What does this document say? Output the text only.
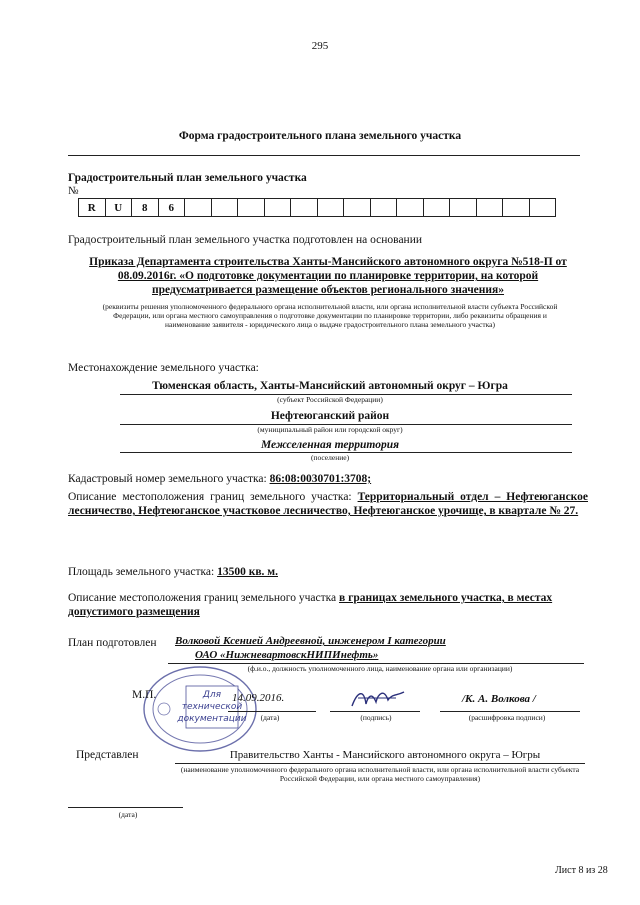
295
Форма градостроительного плана земельного участка
Градостроительный план земельного участка
№
R	U	8	6														
Градостроительный план земельного участка подготовлен на основании
Приказа Департамента строительства Ханты-Мансийского автономного округа №518-П от 08.09.2016г. «О подготовке документации по планировке территории, на которой предусматривается размещение объектов регионального значения»
(реквизиты решения уполномоченного федерального органа исполнительной власти, или органа исполнительной власти субъекта Российской Федерации, или органа местного самоуправления о подготовке документации по планировке территории, либо реквизиты обращения и наименование заявителя - юридического лица о выдаче градостроительного плана земельного участка)
Местонахождение земельного участка:
Тюменская область, Ханты-Мансийский автономный округ – Югра
(субъект Российской Федерации)
Нефтеюганский район
(муниципальный район или городской округ)
Межселенная территория
(поселение)
Кадастровый номер земельного участка: 86:08:0030701:3708;
Описание местоположения границ земельного участка: Территориальный отдел – Нефтеюганское лесничество, Нефтеюганское участковое лесничество, Нефтеюганское урочище, в квартале № 27.
Площадь земельного участка: 13500 кв. м.
Описание местоположения границ земельного участка в границах земельного участка, в местах допустимого размещения
План подготовлен Волковой Ксенией Андреевной, инженером I категории
ОАО «НижневартовскНИПИнефть»
(ф.и.о., должность уполномоченного лица, наименование органа или организации)
Для
технической
документации
М.П.	14.09.2016.	/К. А. Волкова /
(дата)	(подпись)	(расшифровка подписи)
Представлен	Правительство Ханты - Мансийского автономного округа – Югры
(наименование уполномоченного федерального органа исполнительной власти, или органа исполнительной власти субъекта Российской Федерации, или органа местного самоуправления)
(дата)
Лист 8 из 28
